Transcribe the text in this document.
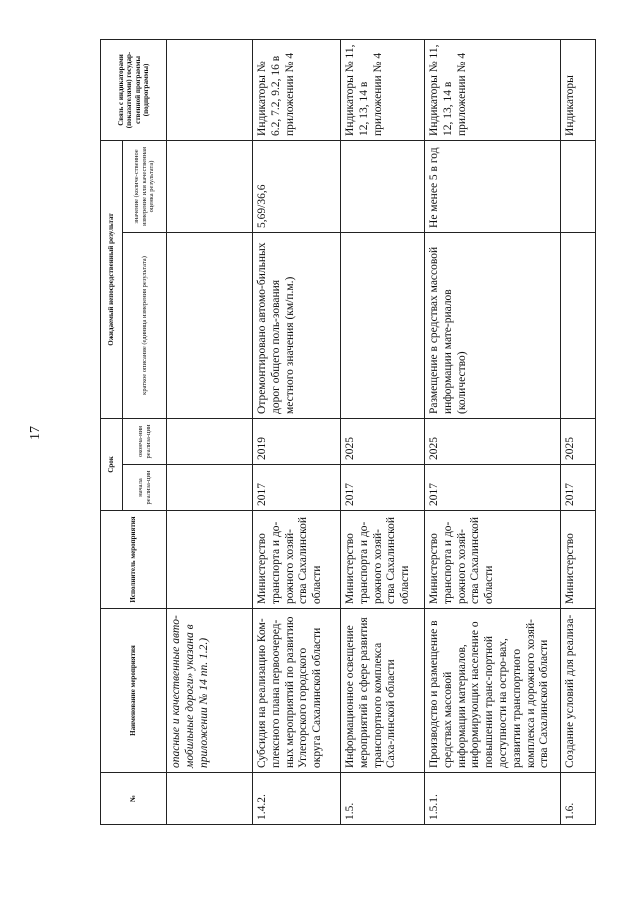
17
№	Наименование мероприятия	Исполнитель мероприятия	Срок		Ожидаемый непосредственный результат		Связь с индикаторами (показателями) государ-ственной программы (подпрограммы)
			начала реализа-ции	оконча-ния реализа-ции	краткое описание (единица измерения результата)	значение (количе-ственное измерение или качественная оценка результата)	
	опасные и качественные авто-мобильные дороги» указана в приложении № 14 пп. 1.2.)						
1.4.2.	Субсидия на реализацию Ком-плексного плана первоочеред-ных мероприятий по развитию Углегорского городского округа Сахалинской области	Министерство транспорта и до-рожного хозяй-ства Сахалинской области	2017	2019	Отремонтировано автомо-бильных дорог общего поль-зования местного значения (км/п.м.)	5,69/36,6	Индикаторы № 6.2, 7.2, 9.2, 16 в приложении № 4
1.5.	Информационное освещение мероприятий в сфере развития транспортного комплекса Саха-линской области	Министерство транспорта и до-рожного хозяй-ства Сахалинской области	2017	2025			Индикаторы № 11, 12, 13, 14 в приложении № 4
1.5.1.	Производство и размещение в средствах массовой информации материалов, информирующих население о повышении транс-портной доступности на остро-вах, развитии транспортного комплекса и дорожного хозяй-ства Сахалинской области	Министерство транспорта и до-рожного хозяй-ства Сахалинской области	2017	2025	Размещение в средствах массовой информации мате-риалов (количество)	Не менее 5 в год	Индикаторы № 11, 12, 13, 14 в приложении № 4
1.6.	Создание условий для реализа-	Министерство	2017	2025			Индикаторы
